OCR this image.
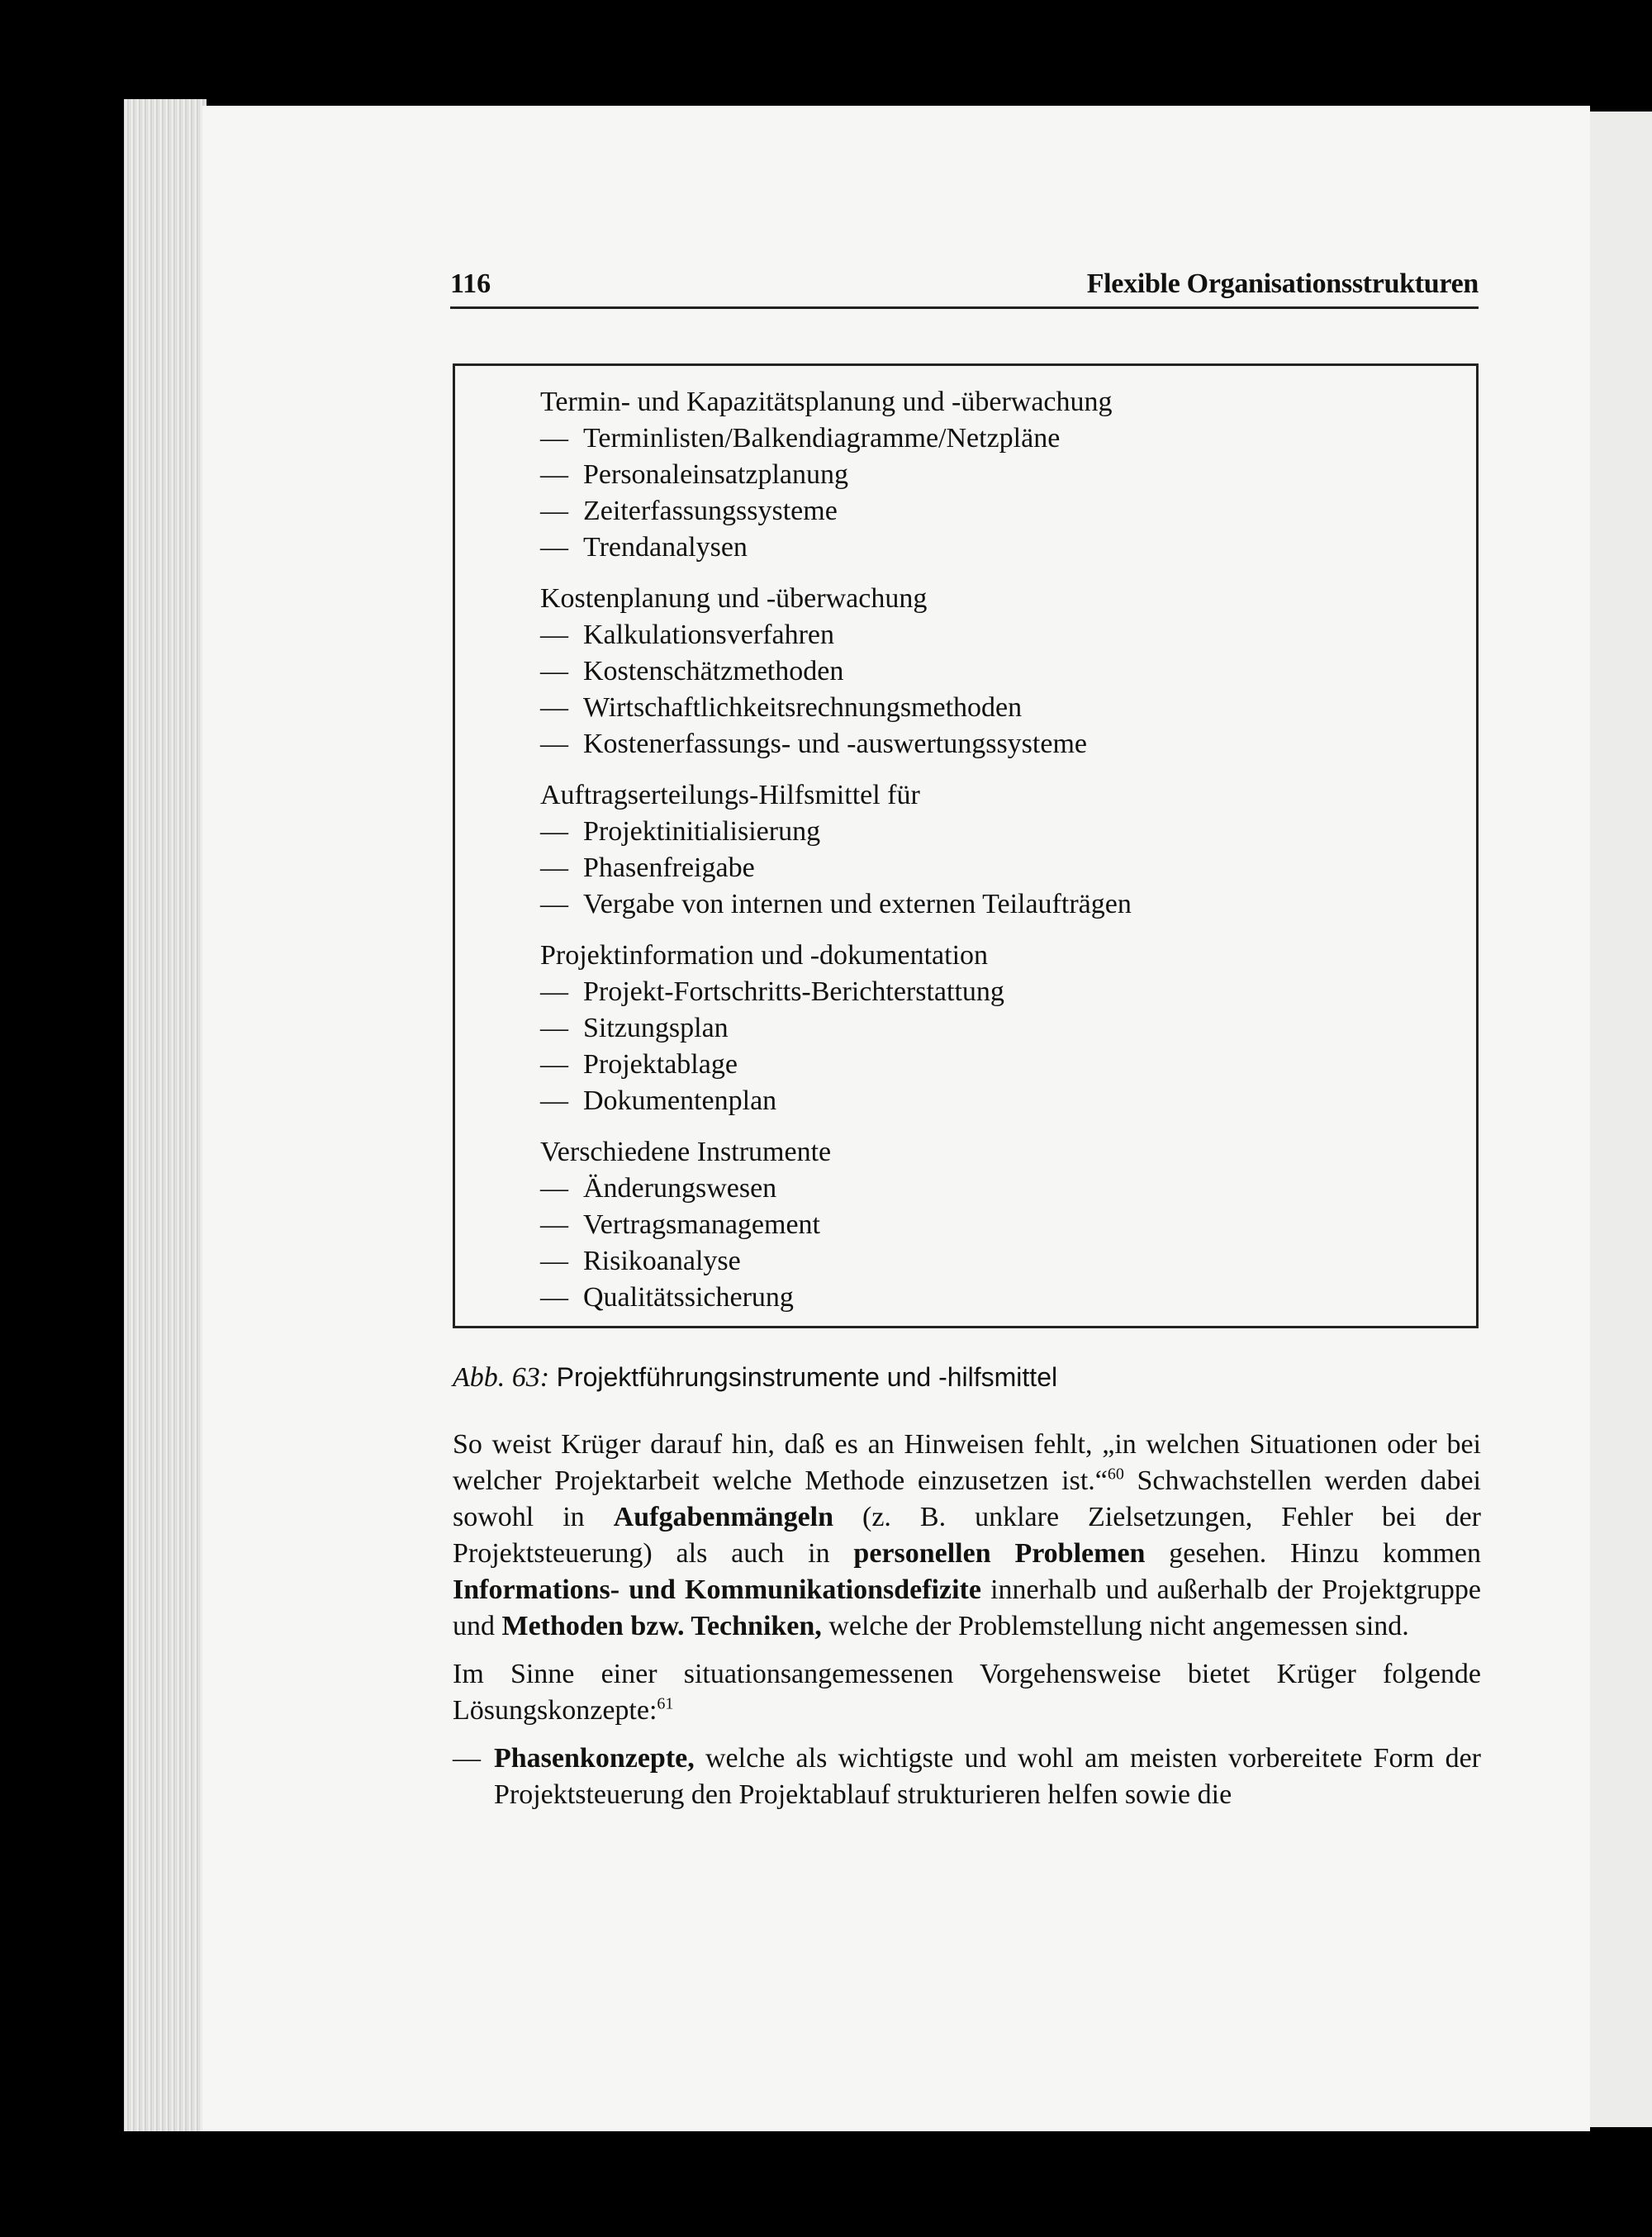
116	Flexible Organisationsstrukturen
Termin- und Kapazitätsplanung und -überwachung
— Terminlisten/Balkendiagramme/Netzpläne
— Personaleinsatzplanung
— Zeiterfassungssysteme
— Trendanalysen
Kostenplanung und -überwachung
— Kalkulationsverfahren
— Kostenschätzmethoden
— Wirtschaftlichkeitsrechnungsmethoden
— Kostenerfassungs- und -auswertungssysteme
Auftragserteilungs-Hilfsmittel für
— Projektinitialisierung
— Phasenfreigabe
— Vergabe von internen und externen Teilaufträgen
Projektinformation und -dokumentation
— Projekt-Fortschritts-Berichterstattung
— Sitzungsplan
— Projektablage
— Dokumentenplan
Verschiedene Instrumente
— Änderungswesen
— Vertragsmanagement
— Risikoanalyse
— Qualitätssicherung
Abb. 63: Projektführungsinstrumente und -hilfsmittel

So weist Krüger darauf hin, daß es an Hinweisen fehlt, „in welchen Situationen oder bei welcher Projektarbeit welche Methode einzusetzen ist.“$^{60}$ Schwachstellen werden dabei sowohl in Aufgabenmängeln (z. B. unklare Zielsetzungen, Fehler bei der Projektsteuerung) als auch in personellen Problemen gesehen. Hinzu kommen Informations- und Kommunikationsdefizite innerhalb und außerhalb der Projektgruppe und Methoden bzw. Techniken, welche der Problemstellung nicht angemessen sind.

Im Sinne einer situationsangemessenen Vorgehensweise bietet Krüger folgende Lösungskonzepte:$^{61}$

— Phasenkonzepte, welche als wichtigste und wohl am meisten vorbereitete Form der Projektsteuerung den Projektablauf strukturieren helfen sowie die
